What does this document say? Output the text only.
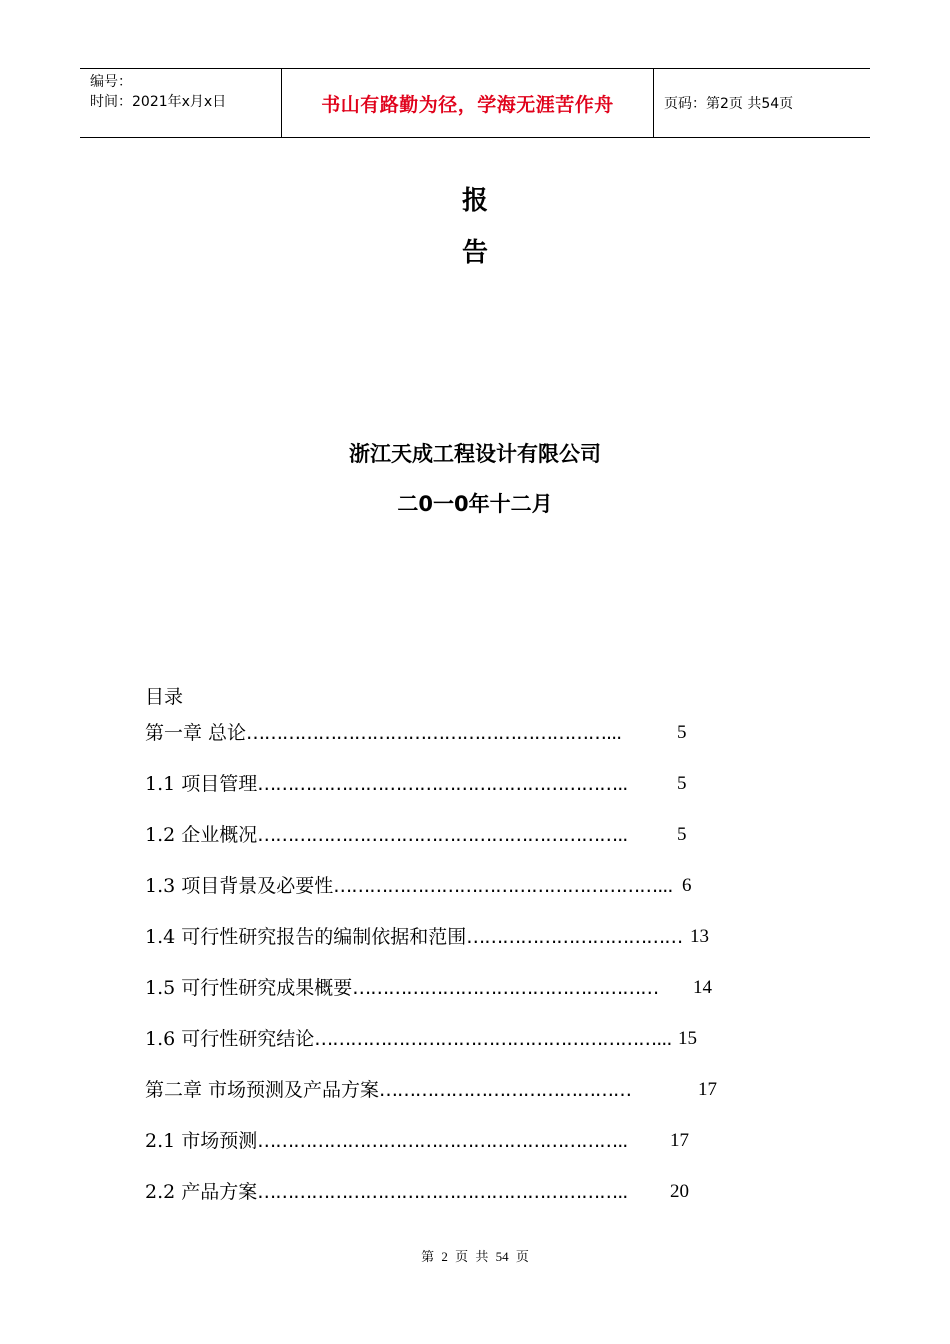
编号：
时间：2021年x月x日	书山有路勤为径，学海无涯苦作舟	页码：第2页 共54页
报
告
浙江天成工程设计有限公司
二0一0年十二月
目录
第一章 总论……………………………………………………...	5
1.1 项目管理……………………………………………………..	5
1.2 企业概况……………………………………………………..	5
1.3 项目背景及必要性………………………………………………... 6
1.4 可行性研究报告的编制依据和范围……………………………… 13
1.5 可行性研究成果概要…………………………………………… 14
1.6 可行性研究结论…………………………………………………... 15
第二章 市场预测及产品方案……………………………………	17
2.1 市场预测…………………………………………………….. 17
2.2 产品方案…………………………………………………….. 20
第 2 页 共 54 页
